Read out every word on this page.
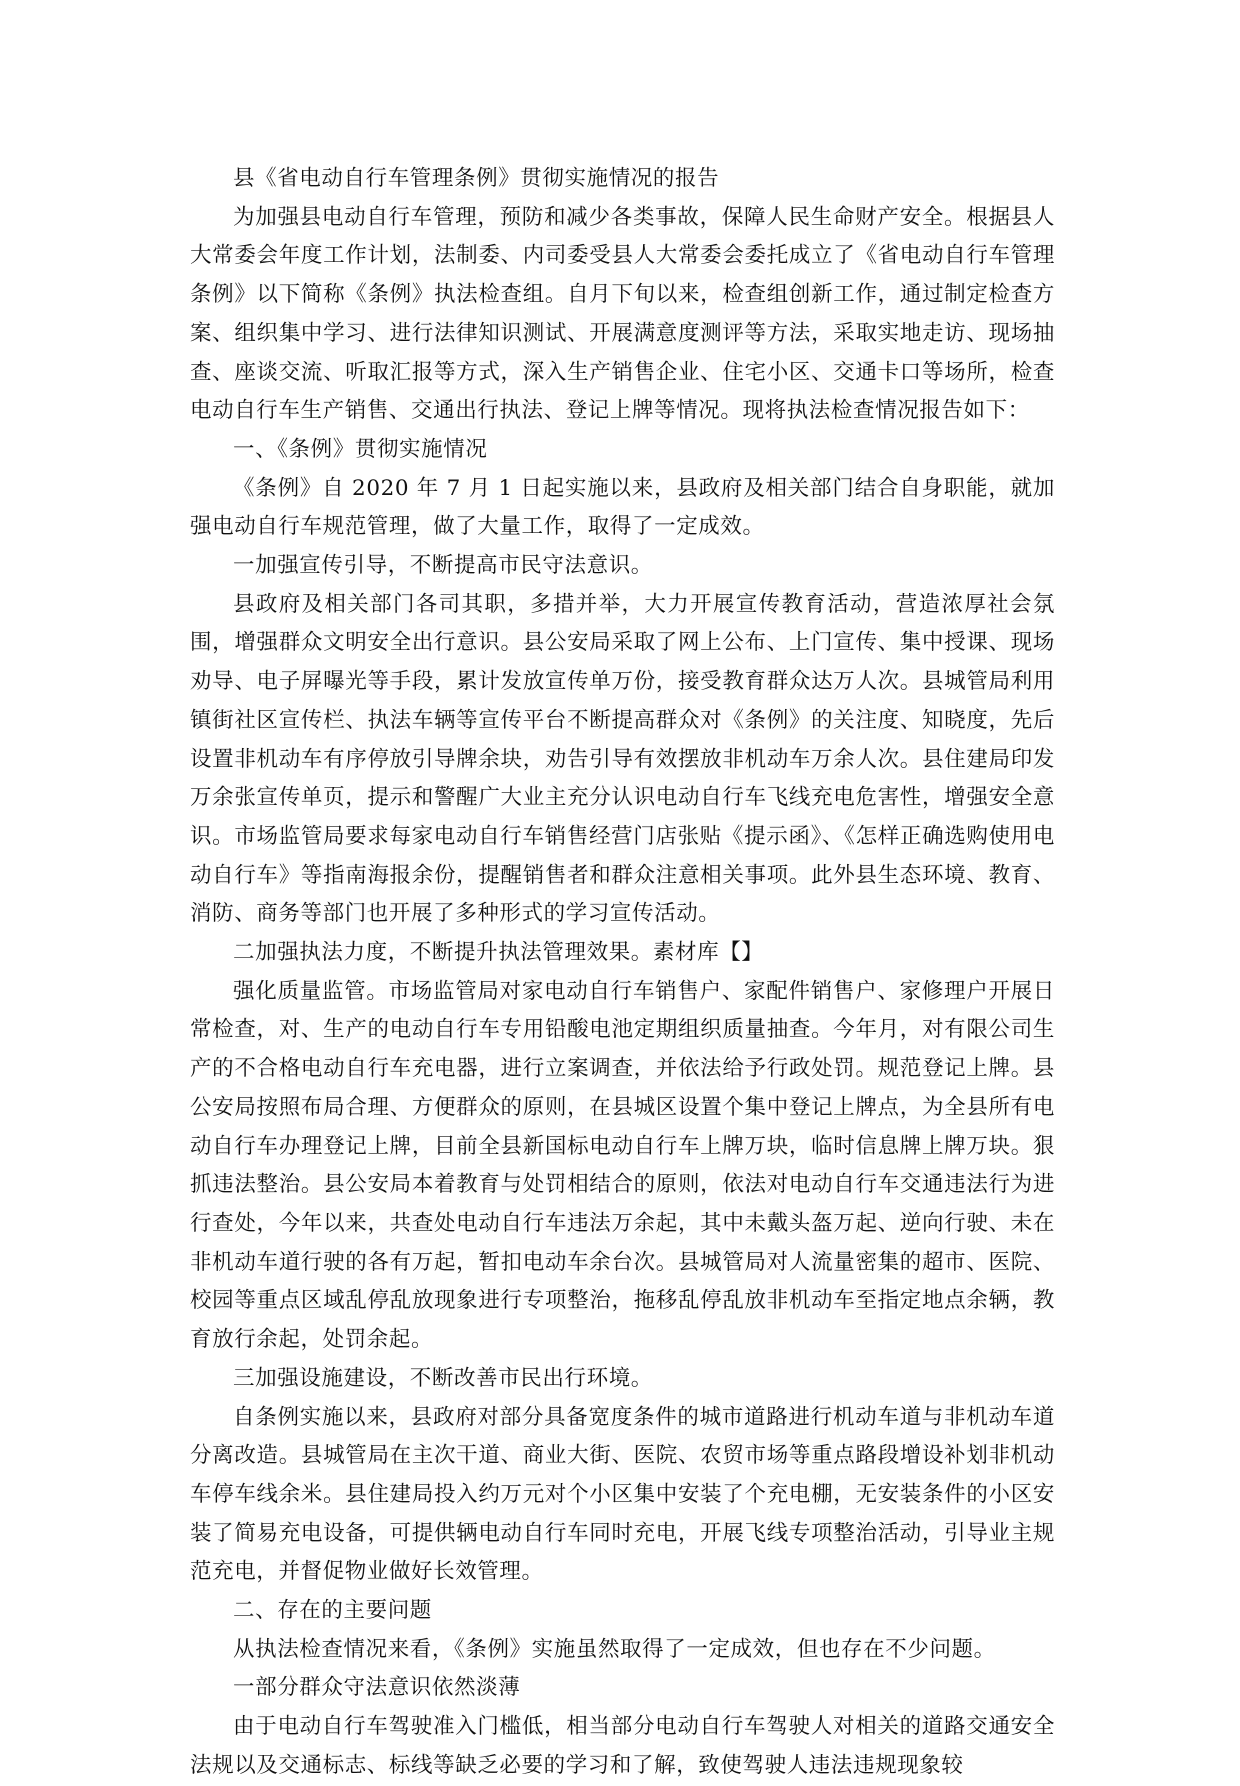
县《省电动自行车管理条例》贯彻实施情况的报告

为加强县电动自行车管理，预防和减少各类事故，保障人民生命财产安全。根据县人大常委会年度工作计划，法制委、内司委受县人大常委会委托成立了《省电动自行车管理条例》以下简称《条例》执法检查组。自月下旬以来，检查组创新工作，通过制定检查方案、组织集中学习、进行法律知识测试、开展满意度测评等方法，采取实地走访、现场抽查、座谈交流、听取汇报等方式，深入生产销售企业、住宅小区、交通卡口等场所，检查电动自行车生产销售、交通出行执法、登记上牌等情况。现将执法检查情况报告如下：

一、《条例》贯彻实施情况

《条例》自 2020 年 7 月 1 日起实施以来，县政府及相关部门结合自身职能，就加强电动自行车规范管理，做了大量工作，取得了一定成效。

一加强宣传引导，不断提高市民守法意识。

县政府及相关部门各司其职，多措并举，大力开展宣传教育活动，营造浓厚社会氛围，增强群众文明安全出行意识。县公安局采取了网上公布、上门宣传、集中授课、现场劝导、电子屏曝光等手段，累计发放宣传单万份，接受教育群众达万人次。县城管局利用镇街社区宣传栏、执法车辆等宣传平台不断提高群众对《条例》的关注度、知晓度，先后设置非机动车有序停放引导牌余块，劝告引导有效摆放非机动车万余人次。县住建局印发万余张宣传单页，提示和警醒广大业主充分认识电动自行车飞线充电危害性，增强安全意识。市场监管局要求每家电动自行车销售经营门店张贴《提示函》、《怎样正确选购使用电动自行车》等指南海报余份，提醒销售者和群众注意相关事项。此外县生态环境、教育、消防、商务等部门也开展了多种形式的学习宣传活动。

二加强执法力度，不断提升执法管理效果。素材库【】

强化质量监管。市场监管局对家电动自行车销售户、家配件销售户、家修理户开展日常检查，对、生产的电动自行车专用铅酸电池定期组织质量抽查。今年月，对有限公司生产的不合格电动自行车充电器，进行立案调查，并依法给予行政处罚。规范登记上牌。县公安局按照布局合理、方便群众的原则，在县城区设置个集中登记上牌点，为全县所有电动自行车办理登记上牌，目前全县新国标电动自行车上牌万块，临时信息牌上牌万块。狠抓违法整治。县公安局本着教育与处罚相结合的原则，依法对电动自行车交通违法行为进行查处，今年以来，共查处电动自行车违法万余起，其中未戴头盔万起、逆向行驶、未在非机动车道行驶的各有万起，暂扣电动车余台次。县城管局对人流量密集的超市、医院、校园等重点区域乱停乱放现象进行专项整治，拖移乱停乱放非机动车至指定地点余辆，教育放行余起，处罚余起。

三加强设施建设，不断改善市民出行环境。

自条例实施以来，县政府对部分具备宽度条件的城市道路进行机动车道与非机动车道分离改造。县城管局在主次干道、商业大街、医院、农贸市场等重点路段增设补划非机动车停车线余米。县住建局投入约万元对个小区集中安装了个充电棚，无安装条件的小区安装了简易充电设备，可提供辆电动自行车同时充电，开展飞线专项整治活动，引导业主规范充电，并督促物业做好长效管理。

二、存在的主要问题

从执法检查情况来看，《条例》实施虽然取得了一定成效，但也存在不少问题。

一部分群众守法意识依然淡薄

由于电动自行车驾驶准入门槛低，相当部分电动自行车驾驶人对相关的道路交通安全法规以及交通标志、标线等缺乏必要的学习和了解，致使驾驶人违法违规现象较
